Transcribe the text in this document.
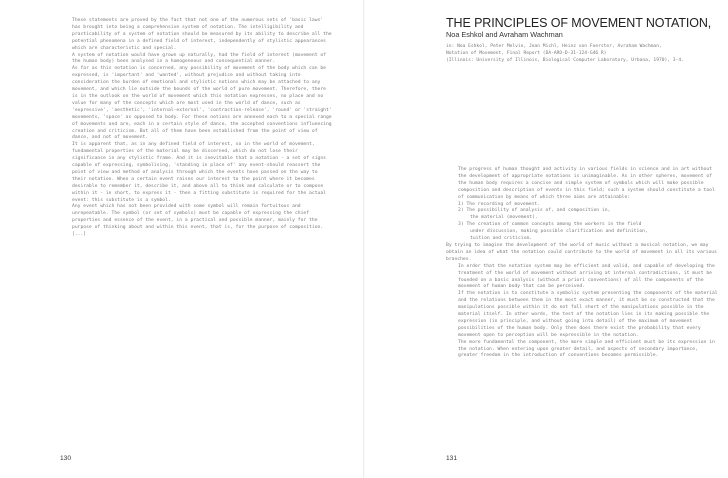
These statements are proved by the fact that not one of the numerous sets of 'basic laws' has brought into being a comprehensive system of notation. The intelligibility and practicability of a system of notation should be measured by its ability to describe all the potential phenomena in a defined field of interest, independently of stylistic appearances which are characteristic and special.
A system of notation would have grown up naturally, had the field of interest (movement of the human body) been analysed in a homogeneous and consequential manner.
As far as this notation is concerned, any possibility of movement of the body which can be expressed, is 'important' and 'wanted', without prejudice and without taking into consideration the burden of emotional and stylistic notions which may be attached to any movement, and which lie outside the bounds of the world of pure movement. Therefore, there is in the outlook on the world of movement which this notation expresses, no place and no value for many of the concepts which are most used in the world of dance, such as 'expressive', 'aesthetic', 'internal-external', 'contraction-release', 'round' or 'straight' movements, 'space' as opposed to body. For these notions are annexed each to a special range of movements and are, each in a certain style of dance, the accepted conventions influencing creation and criticism. But all of them have been established from the point of view of dance, and not of movement.
It is apparent that, as in any defined field of interest, so in the world of movement, fundamental properties of the material may be discerned, which do not lose their significance in any stylistic frame. And it is inevitable that a notation - a set of signs capable of expressing, symbolising, 'standing in place of' any event-should reassert the point of view and method of analysis through which the events have passed on the way to their notation. When a certain event raises our interest to the point where it becomes desirable to remember it, describe it, and above all to think and calculate or to compose within it - in short, to express it - then a fitting substitute is required for the actual event: this substitute is a symbol.
Any event which has not been provided with some symbol will remain fortuitous and unrepeatable. The symbol (or set of symbols) must be capable of expressing the chief properties and essence of the event, in a practical and possible manner, mainly for the purpose of thinking about and within this event, that is, for the purpose of composition. [...]
130
THE PRINCIPLES OF MOVEMENT NOTATION,
Noa Eshkol and Avraham Wachman
in: Noa Eshkol, Peter Melvin, Jean Michl, Heinz von Foerster, Avraham Wachman,
Notation of Movement, Final Report (DA-ARO-D-31-124-G46 R)
(Illinois: University of Illinois, Biological Computer Laboratory, Urbana, 1970), 3-4.
The progress of human thought and activity in various fields in science and in art without the development of appropriate notations is unimaginable. As in other spheres, movement of the human body requires a concise and simple system of symbols which will make possible composition and description of events in this field; such a system should constitute a tool of communication by means of which three aims are attainable:
1) The recording of movement.
2) The possibility of analysis of, and composition in,
the material (movement).
3) The creation of common concepts among the workers in the field
under discussion, making possible clarification and definition,
tuition and criticism.
By trying to imagine the development of the world of music without a musical notation, we may obtain an idea of what the notation could contribute to the world of movement in all its various branches.
In order that the notation system may be efficient and valid, and capable of developing the treatment of the world of movement without arriving at internal contradictions, it must be founded on a basic analysis (without a priori conventions) of all the components of the movement of human body that can be perceived.
If the notation is to constitute a symbolic system presenting the components of the material and the relations between them in the most exact manner, it must be so constructed that the manipulations possible within it do not fall short of the manipulations possible in the material itself. In other words, the test of the notation lies in its making possible the expression (in principle, and without going into detail) of the maximum of movement possibilities of the human body. Only then does there exist the probability that every movement open to perception will be expressible in the notation.
The more fundamental the component, the more simple and efficient must be its expression in the notation. When entering upon greater detail, and aspects of secondary importance, greater freedom in the introduction of conventions becomes permissible.
131
